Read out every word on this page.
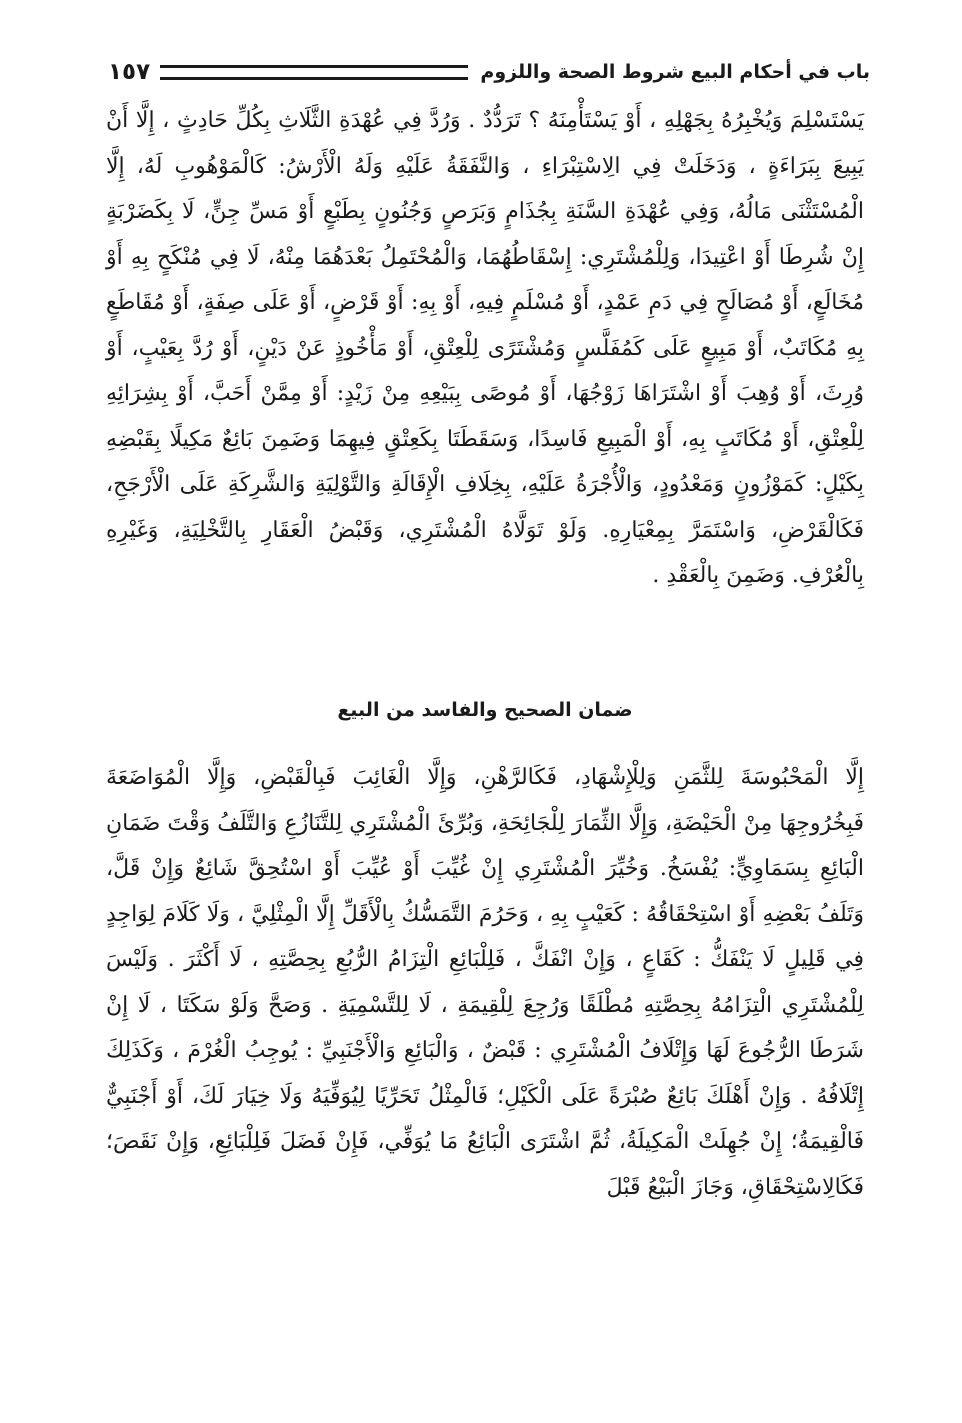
باب في أحكام البيع شروط الصحة واللزوم
١٥٧

يَسْتَسْلِمَ وَيُخْبِرُهُ بِجَهْلِهِ ، أَوْ يَسْتَأْمِنَهُ ؟ تَرَدُّدٌ . وَرُدَّ فِي عُهْدَةِ الثَّلَاثِ بِكُلِّ حَادِثٍ ، إِلَّا أَنْ يَبِيعَ بِبَرَاءَةٍ ، وَدَخَلَتْ فِي الِاسْتِبْرَاءِ ، وَالنَّفَقَةُ عَلَيْهِ وَلَهُ الْأَرْشُ: كَالْمَوْهُوبِ لَهُ، إِلَّا الْمُسْتَثْنَى مَالُهُ، وَفِي عُهْدَةِ السَّنَةِ بِجُذَامٍ وَبَرَصٍ وَجُنُونٍ بِطَبْعٍ أَوْ مَسِّ جِنٍّ، لَا بِكَضَرْبَةٍ إِنْ شُرِطَا أَوْ اعْتِيدَا، وَلِلْمُشْتَرِي: إِسْقَاطُهُمَا، وَالْمُحْتَمِلُ بَعْدَهُمَا مِنْهُ، لَا فِي مُنْكَحٍ بِهِ أَوْ مُخَالَعٍ، أَوْ مُصَالَحٍ فِي دَمِ عَمْدٍ، أَوْ مُسْلَمٍ فِيهِ، أَوْ بِهِ: أَوْ قَرْضٍ، أَوْ عَلَى صِفَةٍ، أَوْ مُقَاطَعٍ بِهِ مُكَاتَبٌ، أَوْ مَبِيعٍ عَلَى كَمُفَلَّسٍ وَمُشْتَرًى لِلْعِتْقِ، أَوْ مَأْخُوذٍ عَنْ دَيْنٍ، أَوْ رُدَّ بِعَيْبٍ، أَوْ وُرِثَ، أَوْ وُهِبَ أَوْ اشْتَرَاهَا زَوْجُهَا، أَوْ مُوصًى بِبَيْعِهِ مِنْ زَيْدٍ: أَوْ مِمَّنْ أَحَبَّ، أَوْ بِشِرَائِهِ لِلْعِتْقِ، أَوْ مُكَاتَبٍ بِهِ، أَوْ الْمَبِيعِ فَاسِدًا، وَسَقَطَتَا بِكَعِتْقٍ فِيهِمَا وَضَمِنَ بَائِعٌ مَكِيلًا بِقَبْضِهِ بِكَيْلٍ: كَمَوْزُونٍ وَمَعْدُودٍ، وَالْأُجْرَةُ عَلَيْهِ، بِخِلَافِ الْإِقَالَةِ وَالتَّوْلِيَةِ وَالشَّرِكَةِ عَلَى الْأَرْجَحِ، فَكَالْقَرْضِ، وَاسْتَمَرَّ بِمِعْيَارِهِ. وَلَوْ تَوَلَّاهُ الْمُشْتَرِي، وَقَبْضُ الْعَقَارِ بِالتَّخْلِيَةِ، وَغَيْرِهِ بِالْعُرْفِ. وَضَمِنَ بِالْعَقْدِ .

ضمان الصحيح والفاسد من البيع

إِلَّا الْمَحْبُوسَةَ لِلثَّمَنِ وَلِلْإِشْهَادِ، فَكَالرَّهْنِ، وَإِلَّا الْغَائِبَ فَبِالْقَبْضِ، وَإِلَّا الْمُوَاضَعَةَ فَبِخُرُوجِهَا مِنْ الْحَيْضَةِ، وَإِلَّا الثِّمَارَ لِلْجَائِحَةِ، وَبُرِّئَ الْمُشْتَرِي لِلتَّنَازُعِ وَالتَّلَفُ وَقْتَ ضَمَانِ الْبَائِعِ بِسَمَاوِيٍّ: يُفْسَخُ. وَخُيِّرَ الْمُشْتَرِي إِنْ غُيِّبَ أَوْ عُيِّبَ أَوْ اسْتُحِقَّ شَائِعٌ وَإِنْ قَلَّ، وَتَلَفُ بَعْضِهِ أَوْ اسْتِحْقَاقُهُ : كَعَيْبٍ بِهِ ، وَحَرُمَ التَّمَسُّكُ بِالْأَقَلِّ إِلَّا الْمِثْلِيَّ ، وَلَا كَلَامَ لِوَاجِدٍ فِي قَلِيلٍ لَا يَنْفَكُّ : كَقَاعٍ ، وَإِنْ انْفَكَّ ، فَلِلْبَائِعِ الْتِزَامُ الرُّبُعِ بِحِصَّتِهِ ، لَا أَكْثَرَ . وَلَيْسَ لِلْمُشْتَرِي الْتِزَامُهُ بِحِصَّتِهِ مُطْلَقًا وَرُجِعَ لِلْقِيمَةِ ، لَا لِلتَّسْمِيَةِ . وَصَحَّ وَلَوْ سَكَتَا ، لَا إِنْ شَرَطَا الرُّجُوعَ لَهَا وَإِتْلَافُ الْمُشْتَرِي : قَبْضٌ ، وَالْبَائِعِ وَالْأَجْنَبِيِّ : يُوجِبُ الْغُرْمَ ، وَكَذَلِكَ إِتْلَافُهُ . وَإِنْ أَهْلَكَ بَائِعٌ صُبْرَةً عَلَى الْكَيْلِ؛ فَالْمِثْلُ تَحَرِّيًا لِيُوَفِّيَهُ وَلَا خِيَارَ لَكَ، أَوْ أَجْنَبِيٌّ فَالْقِيمَةُ؛ إِنْ جُهِلَتْ الْمَكِيلَةُ، ثُمَّ اشْتَرَى الْبَائِعُ مَا يُوَفِّي، فَإِنْ فَضَلَ فَلِلْبَائِعِ، وَإِنْ نَقَصَ؛ فَكَالِاسْتِحْقَاقِ، وَجَازَ الْبَيْعُ قَبْلَ
